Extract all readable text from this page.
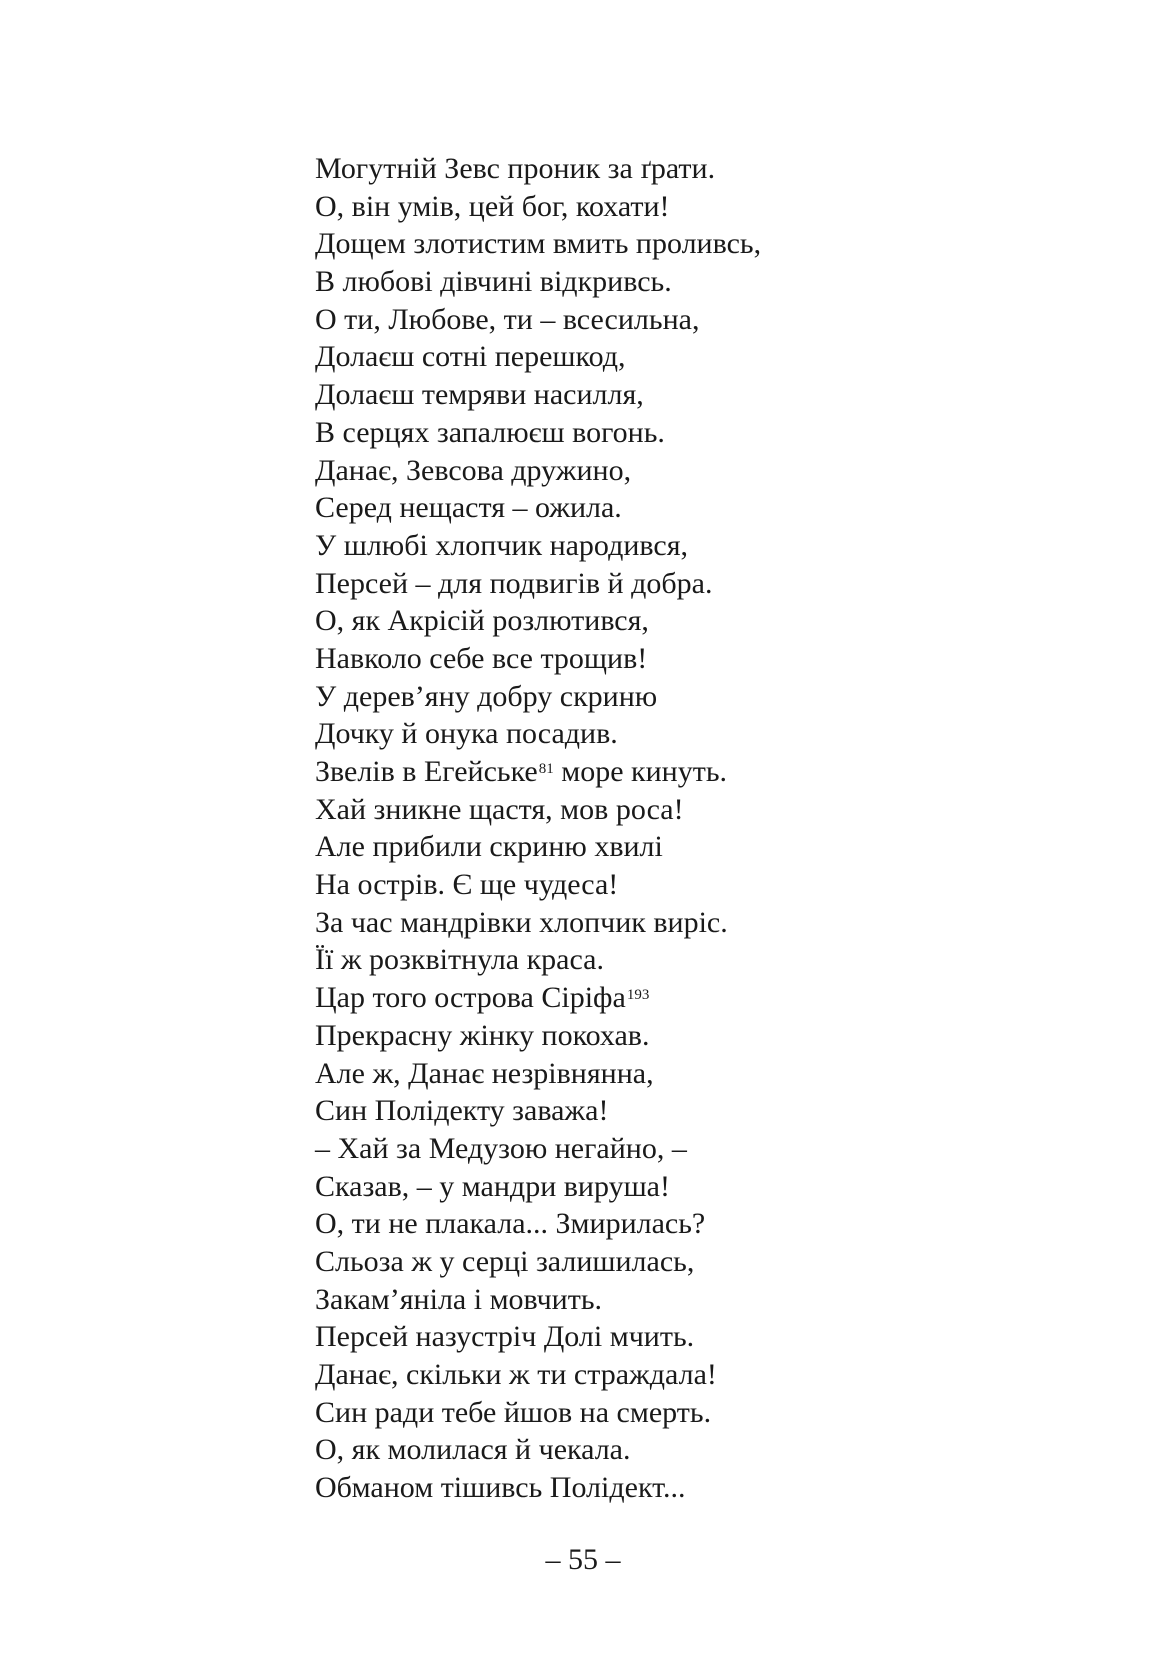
Могутній Зевс проник за ґрати.
О, він умів, цей бог, кохати!
Дощем злотистим вмить проливсь,
В любові дівчині відкривсь.
О ти, Любове, ти – всесильна,
Долаєш сотні перешкод,
Долаєш темряви насилля,
В серцях запалюєш вогонь.
Данає, Зевсова дружино,
Серед нещастя – ожила.
У шлюбі хлопчик народився,
Персей – для подвигів й добра.
О, як Акрісій розлютився,
Навколо себе все трощив!
У дерев’яну добру скриню
Дочку й онука посадив.
Звелів в Егейське$^{81}$ море кинуть.
Хай зникне щастя, мов роса!
Але прибили скриню хвилі
На острів. Є ще чудеса!
За час мандрівки хлопчик виріс.
Її ж розквітнула краса.
Цар того острова Сіріфа$^{193}$
Прекрасну жінку покохав.
Але ж, Данає незрівнянна,
Син Полідекту заважа!
– Хай за Медузою негайно, –
Сказав, – у мандри вируша!
О, ти не плакала... Змирилась?
Сльоза ж у серці залишилась,
Закам’яніла і мовчить.
Персей назустріч Долі мчить.
Данає, скільки ж ти страждала!
Син ради тебе йшов на смерть.
О, як молилася й чекала.
Обманом тішивсь Полідект...
– 55 –
